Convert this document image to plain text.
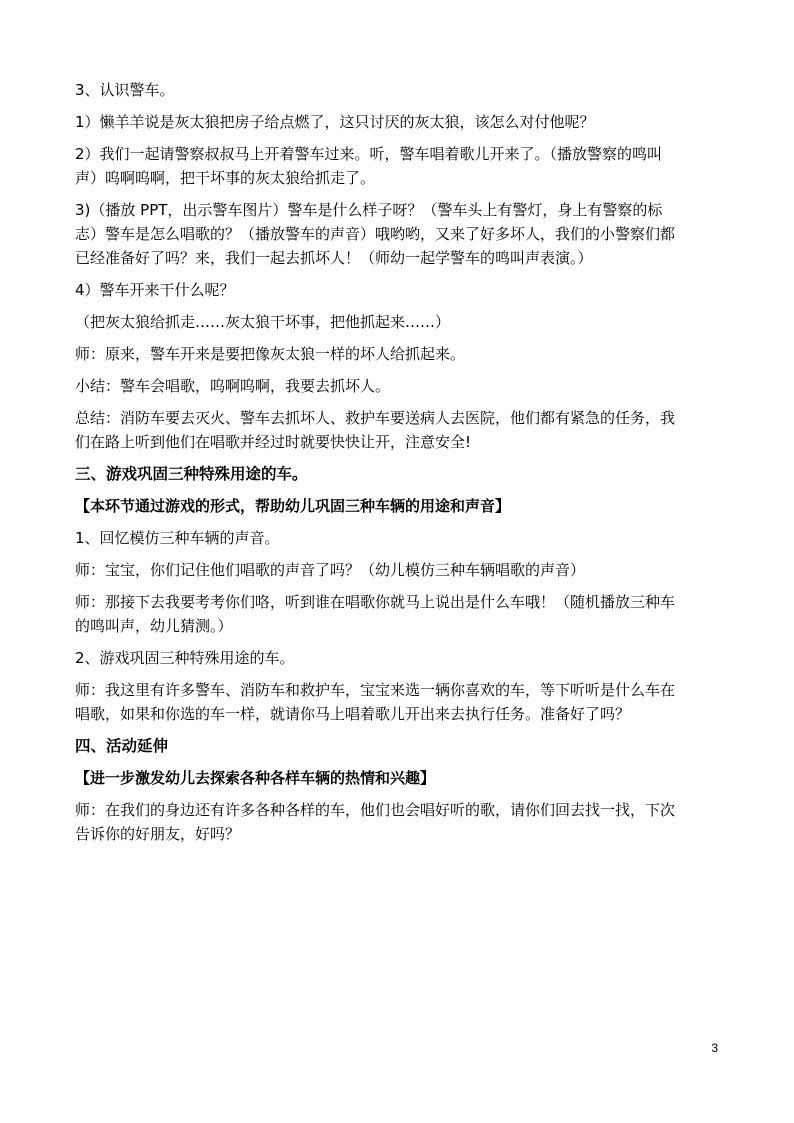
3、认识警车。

1）懒羊羊说是灰太狼把房子给点燃了，这只讨厌的灰太狼，该怎么对付他呢？

2）我们一起请警察叔叔马上开着警车过来。听，警车唱着歌儿开来了。（播放警察的鸣叫

声）呜啊呜啊，把干坏事的灰太狼给抓走了。

3)（播放 PPT，出示警车图片）警车是什么样子呀？（警车头上有警灯，身上有警察的标

志）警车是怎么唱歌的？（播放警车的声音）哦哟哟，又来了好多坏人，我们的小警察们都

已经准备好了吗？来，我们一起去抓坏人！（师幼一起学警车的鸣叫声表演。）

4）警车开来干什么呢？

（把灰太狼给抓走……灰太狼干坏事，把他抓起来……）

师：原来，警车开来是要把像灰太狼一样的坏人给抓起来。

小结：警车会唱歌，呜啊呜啊，我要去抓坏人。

总结：消防车要去灭火、警车去抓坏人、救护车要送病人去医院，他们都有紧急的任务，我

们在路上听到他们在唱歌并经过时就要快快让开，注意安全!

三、游戏巩固三种特殊用途的车。

【本环节通过游戏的形式，帮助幼儿巩固三种车辆的用途和声音】

1、回忆模仿三种车辆的声音。

师：宝宝，你们记住他们唱歌的声音了吗？（幼儿模仿三种车辆唱歌的声音）

师：那接下去我要考考你们咯，听到谁在唱歌你就马上说出是什么车哦！（随机播放三种车

的鸣叫声，幼儿猜测。）

2、游戏巩固三种特殊用途的车。

师：我这里有许多警车、消防车和救护车，宝宝来选一辆你喜欢的车，等下听听是什么车在

唱歌，如果和你选的车一样，就请你马上唱着歌儿开出来去执行任务。准备好了吗？

四、活动延伸

【进一步激发幼儿去探索各种各样车辆的热情和兴趣】

师：在我们的身边还有许多各种各样的车，他们也会唱好听的歌，请你们回去找一找，下次

告诉你的好朋友，好吗？

3
